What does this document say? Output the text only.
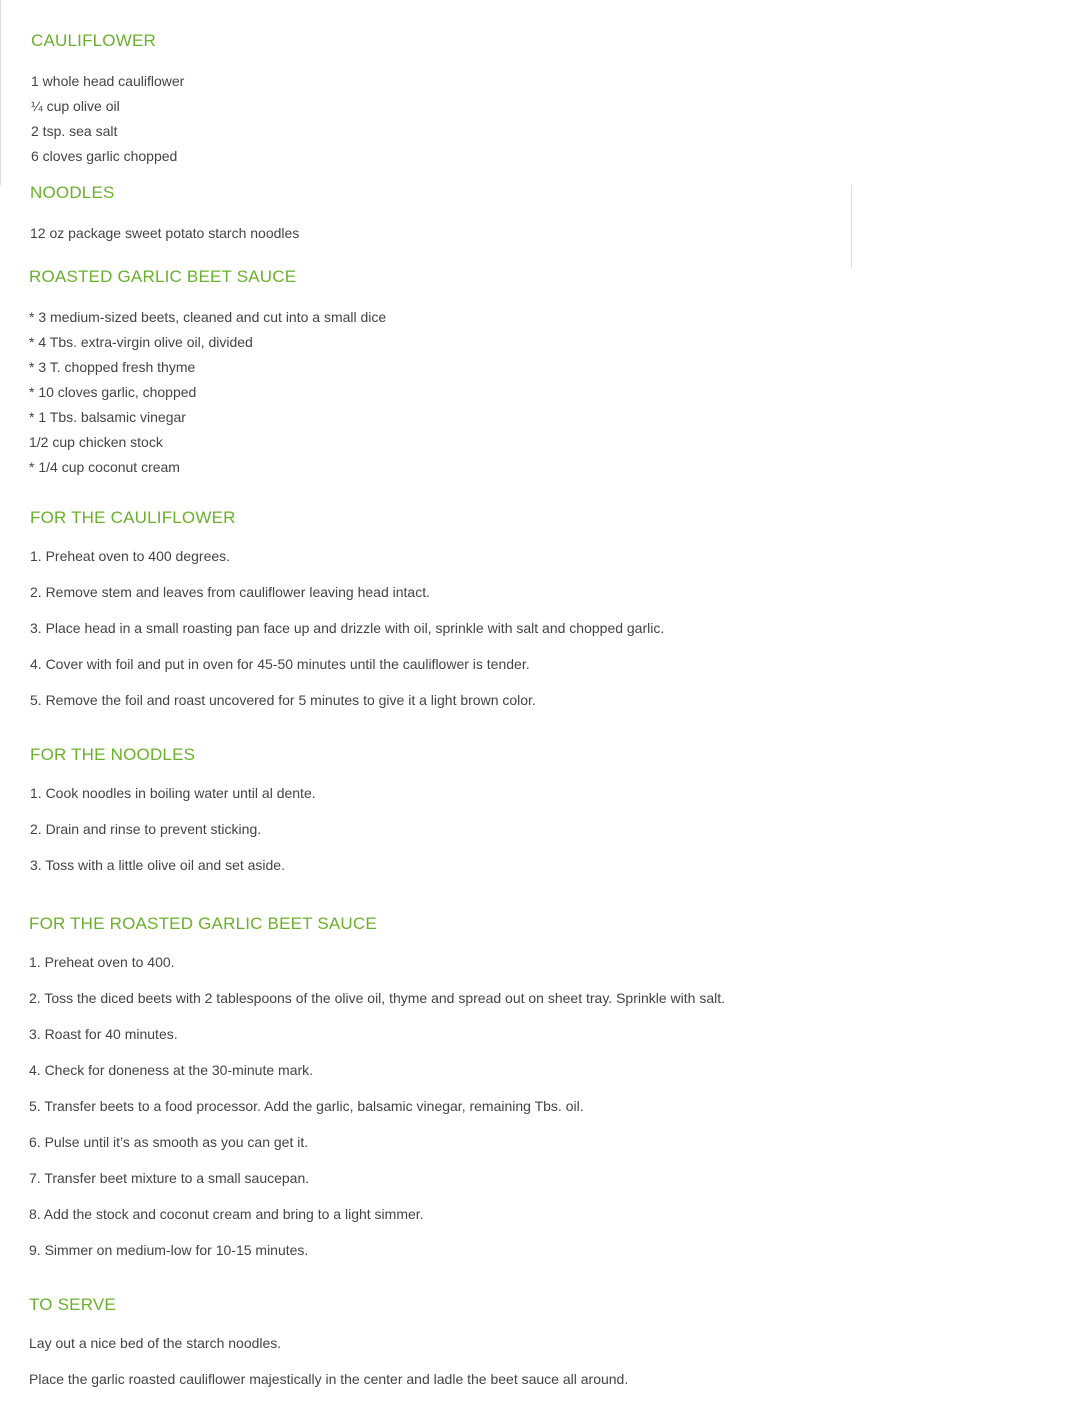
CAULIFLOWER
1 whole head cauliflower
¼ cup olive oil
2 tsp. sea salt
6 cloves garlic chopped
NOODLES
12 oz package sweet potato starch noodles
ROASTED GARLIC BEET SAUCE
* 3 medium-sized beets, cleaned and cut into a small dice
* 4 Tbs. extra-virgin olive oil, divided
* 3 T. chopped fresh thyme
* 10 cloves garlic, chopped
* 1 Tbs. balsamic vinegar
1/2 cup chicken stock
* 1/4 cup coconut cream
FOR THE CAULIFLOWER
1. Preheat oven to 400 degrees.
2. Remove stem and leaves from cauliflower leaving head intact.
3. Place head in a small roasting pan face up and drizzle with oil, sprinkle with salt and chopped garlic.
4. Cover with foil and put in oven for 45-50 minutes until the cauliflower is tender.
5. Remove the foil and roast uncovered for 5 minutes to give it a light brown color.
FOR THE NOODLES
1. Cook noodles in boiling water until al dente.
2. Drain and rinse to prevent sticking.
3. Toss with a little olive oil and set aside.
FOR THE ROASTED GARLIC BEET SAUCE
1. Preheat oven to 400.
2. Toss the diced beets with 2 tablespoons of the olive oil, thyme and spread out on sheet tray. Sprinkle with salt.
3. Roast for 40 minutes.
4. Check for doneness at the 30-minute mark.
5. Transfer beets to a food processor. Add the garlic, balsamic vinegar, remaining Tbs. oil.
6. Pulse until it’s as smooth as you can get it.
7. Transfer beet mixture to a small saucepan.
8. Add the stock and coconut cream and bring to a light simmer.
9. Simmer on medium-low for 10-15 minutes.
TO SERVE
Lay out a nice bed of the starch noodles.
Place the garlic roasted cauliflower majestically in the center and ladle the beet sauce all around.
